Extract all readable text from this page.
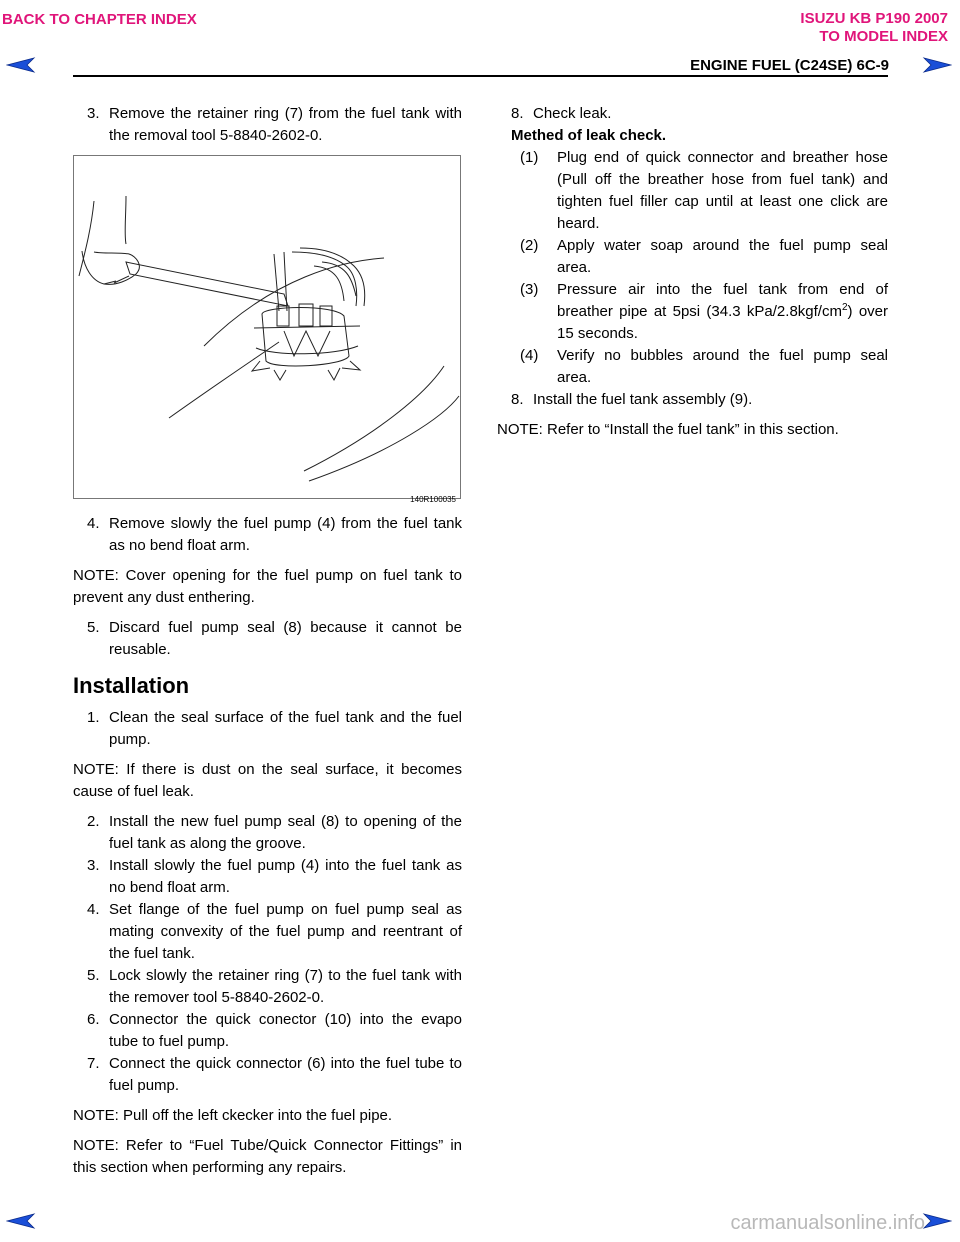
BACK TO CHAPTER INDEX	ISUZU KB P190 2007
TO MODEL INDEX
ENGINE FUEL (C24SE) 6C-9
3. Remove the retainer ring (7) from the fuel tank with the removal tool 5-8840-2602-0.
140R100035
4. Remove slowly the fuel pump (4) from the fuel tank as no bend float arm.

NOTE: Cover opening for the fuel pump on fuel tank to prevent any dust enthering.

5. Discard fuel pump seal (8) because it cannot be reusable.
Installation
1. Clean the seal surface of the fuel tank and the fuel pump.

NOTE: If there is dust on the seal surface, it becomes cause of fuel leak.

2. Install the new fuel pump seal (8) to opening of the fuel tank as along the groove.
3. Install slowly the fuel pump (4) into the fuel tank as no bend float arm.
4. Set flange of the fuel pump on fuel pump seal as mating convexity of the fuel pump and reentrant of the fuel tank.
5. Lock slowly the retainer ring (7) to the fuel tank with the remover tool 5-8840-2602-0.
6. Connector the quick conector (10) into the evapo tube to fuel pump.
7. Connect the quick connector (6) into the fuel tube to fuel pump.

NOTE: Pull off the left ckecker into the fuel pipe.

NOTE: Refer to “Fuel Tube/Quick Connector Fittings” in this section when performing any repairs.

8. Check leak.
Methed of leak check.
(1)	Plug end of quick connector and breather hose (Pull off the breather hose from fuel tank) and tighten fuel filler cap until at least one click are heard.
(2)	Apply water soap around the fuel pump seal area.
(3)	Pressure air into the fuel tank from end of breather pipe at 5psi (34.3 kPa/$2.8kgf/cm^2$) over 15 seconds.
(4)	Verify no bubbles around the fuel pump seal area.
8. Install the fuel tank assembly (9).

NOTE: Refer to “Install the fuel tank” in this section.

carmanualsonline.info
